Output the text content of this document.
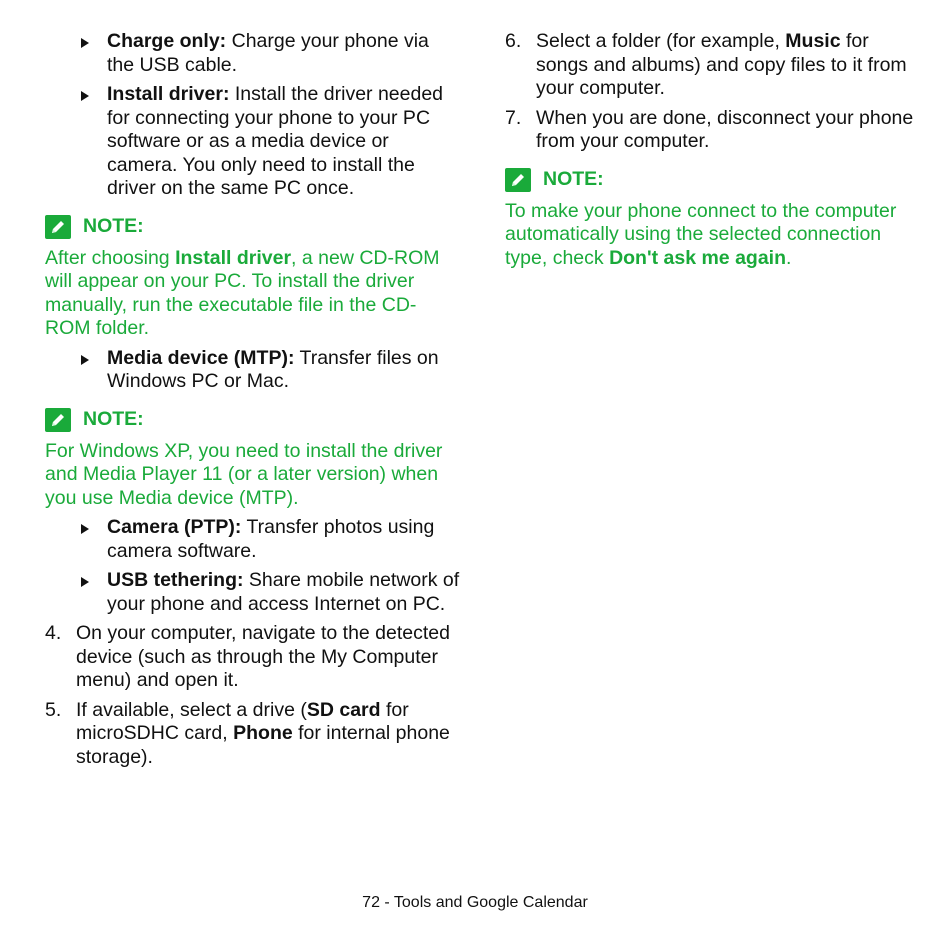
Charge only: Charge your phone via the USB cable.
Install driver: Install the driver needed for connecting your phone to your PC software or as a media device or camera. You only need to install the driver on the same PC once.
NOTE:
After choosing Install driver, a new CD-ROM will appear on your PC. To install the driver manually, run the executable file in the CD-ROM folder.
Media device (MTP): Transfer files on Windows PC or Mac.
NOTE:
For Windows XP, you need to install the driver and Media Player 11 (or a later version) when you use Media device (MTP).
Camera (PTP): Transfer photos using camera software.
USB tethering: Share mobile network of your phone and access Internet on PC.
4. On your computer, navigate to the detected device (such as through the My Computer menu) and open it.
5. If available, select a drive (SD card for microSDHC card, Phone for internal phone storage).
6. Select a folder (for example, Music for songs and albums) and copy files to it from your computer.
7. When you are done, disconnect your phone from your computer.
NOTE:
To make your phone connect to the computer automatically using the selected connection type, check Don't ask me again.
72 - Tools and Google Calendar
